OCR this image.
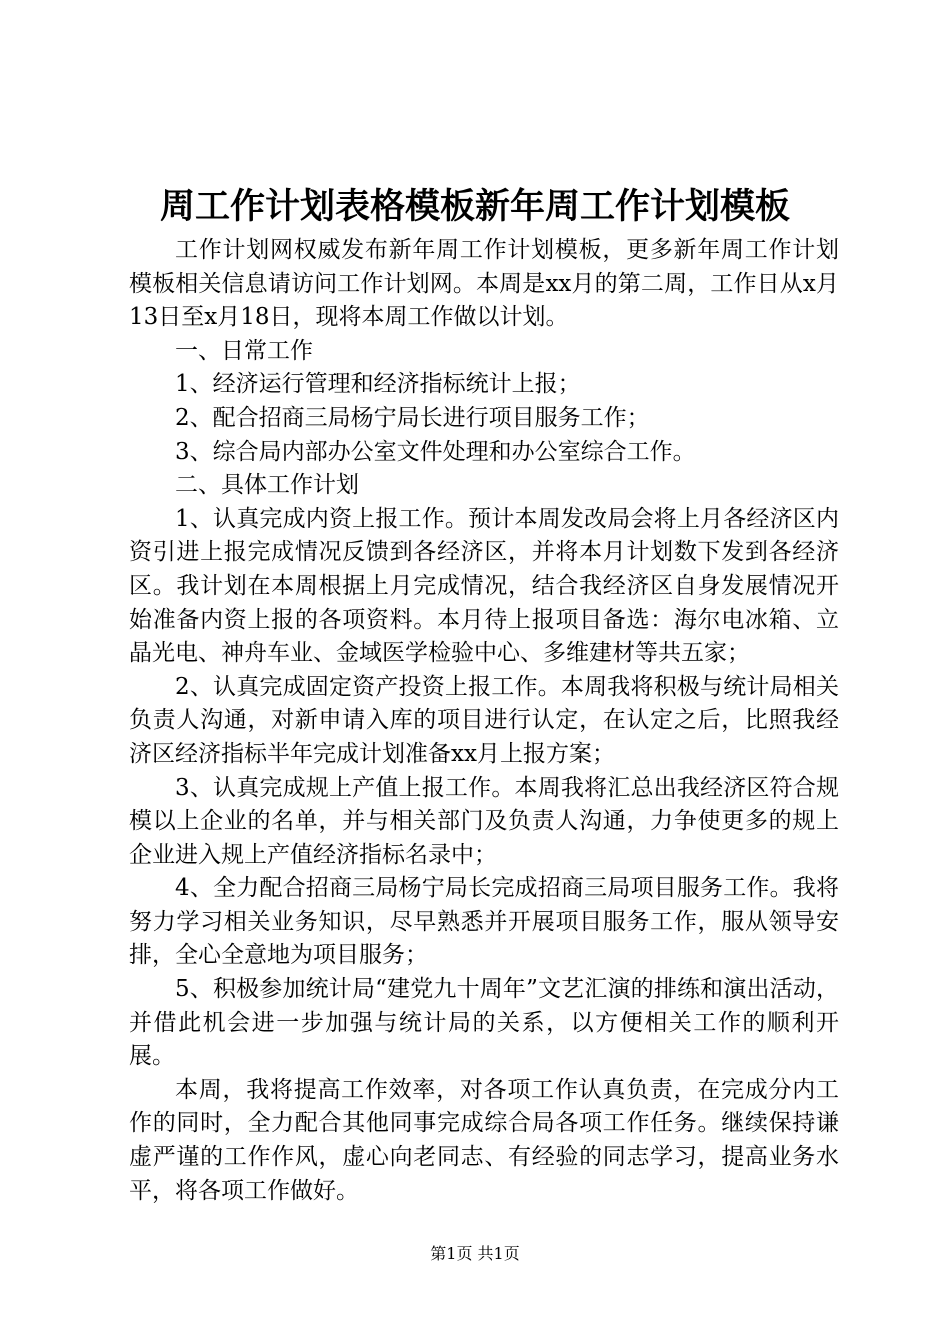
周工作计划表格模板新年周工作计划模板

工作计划网权威发布新年周工作计划模板，更多新年周工作计划模板相关信息请访问工作计划网。本周是xx月的第二周，工作日从x月13日至x月18日，现将本周工作做以计划。

一、日常工作

1、经济运行管理和经济指标统计上报；

2、配合招商三局杨宁局长进行项目服务工作；

3、综合局内部办公室文件处理和办公室综合工作。

二、具体工作计划

1、认真完成内资上报工作。预计本周发改局会将上月各经济区内资引进上报完成情况反馈到各经济区，并将本月计划数下发到各经济区。我计划在本周根据上月完成情况，结合我经济区自身发展情况开始准备内资上报的各项资料。本月待上报项目备选：海尔电冰箱、立晶光电、神舟车业、金域医学检验中心、多维建材等共五家；

2、认真完成固定资产投资上报工作。本周我将积极与统计局相关负责人沟通，对新申请入库的项目进行认定，在认定之后，比照我经济区经济指标半年完成计划准备xx月上报方案；

3、认真完成规上产值上报工作。本周我将汇总出我经济区符合规模以上企业的名单，并与相关部门及负责人沟通，力争使更多的规上企业进入规上产值经济指标名录中；

4、全力配合招商三局杨宁局长完成招商三局项目服务工作。我将努力学习相关业务知识，尽早熟悉并开展项目服务工作，服从领导安排，全心全意地为项目服务；

5、积极参加统计局“建党九十周年”文艺汇演的排练和演出活动，并借此机会进一步加强与统计局的关系，以方便相关工作的顺利开展。

本周，我将提高工作效率，对各项工作认真负责，在完成分内工作的同时，全力配合其他同事完成综合局各项工作任务。继续保持谦虚严谨的工作作风，虚心向老同志、有经验的同志学习，提高业务水平，将各项工作做好。

第1页 共1页
